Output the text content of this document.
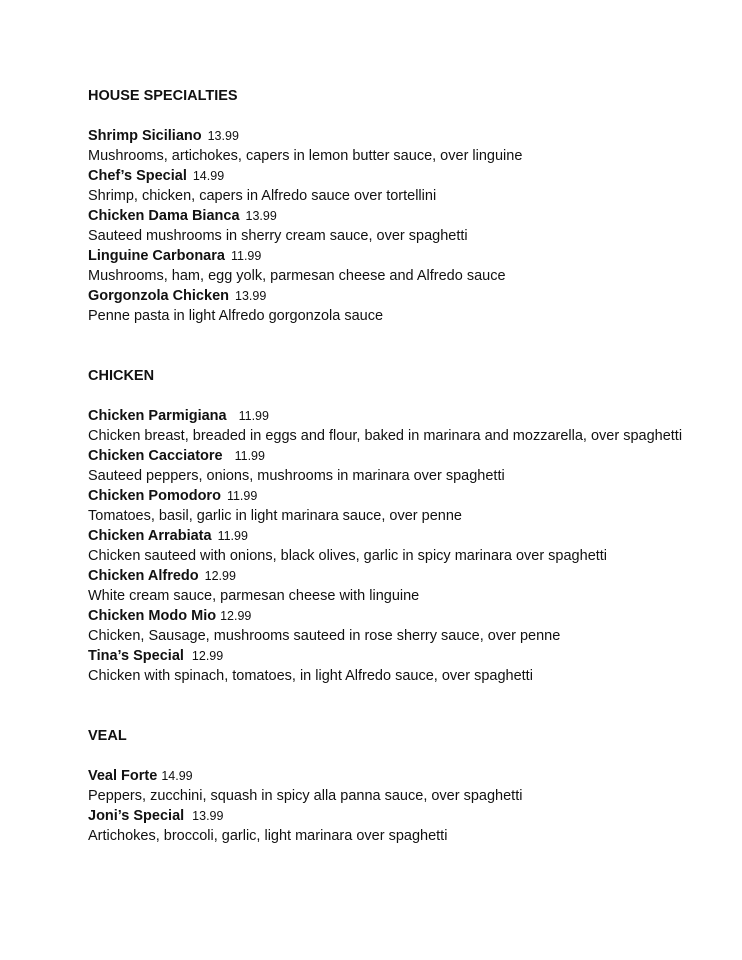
HOUSE SPECIALTIES
Shrimp Siciliano 13.99
Mushrooms, artichokes, capers in lemon butter sauce, over linguine
Chef’s Special 14.99
Shrimp, chicken, capers in Alfredo sauce over tortellini
Chicken Dama Bianca 13.99
Sauteed mushrooms in sherry cream sauce, over spaghetti
Linguine Carbonara 11.99
Mushrooms, ham, egg yolk, parmesan cheese and Alfredo sauce
Gorgonzola Chicken 13.99
Penne pasta in light Alfredo gorgonzola sauce
CHICKEN
Chicken Parmigiana 11.99
Chicken breast, breaded in eggs and flour, baked in marinara and mozzarella, over spaghetti
Chicken Cacciatore 11.99
Sauteed peppers, onions, mushrooms in marinara over spaghetti
Chicken Pomodoro 11.99
Tomatoes, basil, garlic in light marinara sauce, over penne
Chicken Arrabiata 11.99
Chicken sauteed with onions, black olives, garlic in spicy marinara over spaghetti
Chicken Alfredo 12.99
White cream sauce, parmesan cheese with linguine
Chicken Modo Mio 12.99
Chicken, Sausage, mushrooms sauteed in rose sherry sauce, over penne
Tina’s Special 12.99
Chicken with spinach, tomatoes, in light Alfredo sauce, over spaghetti
VEAL
Veal Forte 14.99
Peppers, zucchini, squash in spicy alla panna sauce, over spaghetti
Joni’s Special 13.99
Artichokes, broccoli, garlic, light marinara over spaghetti
